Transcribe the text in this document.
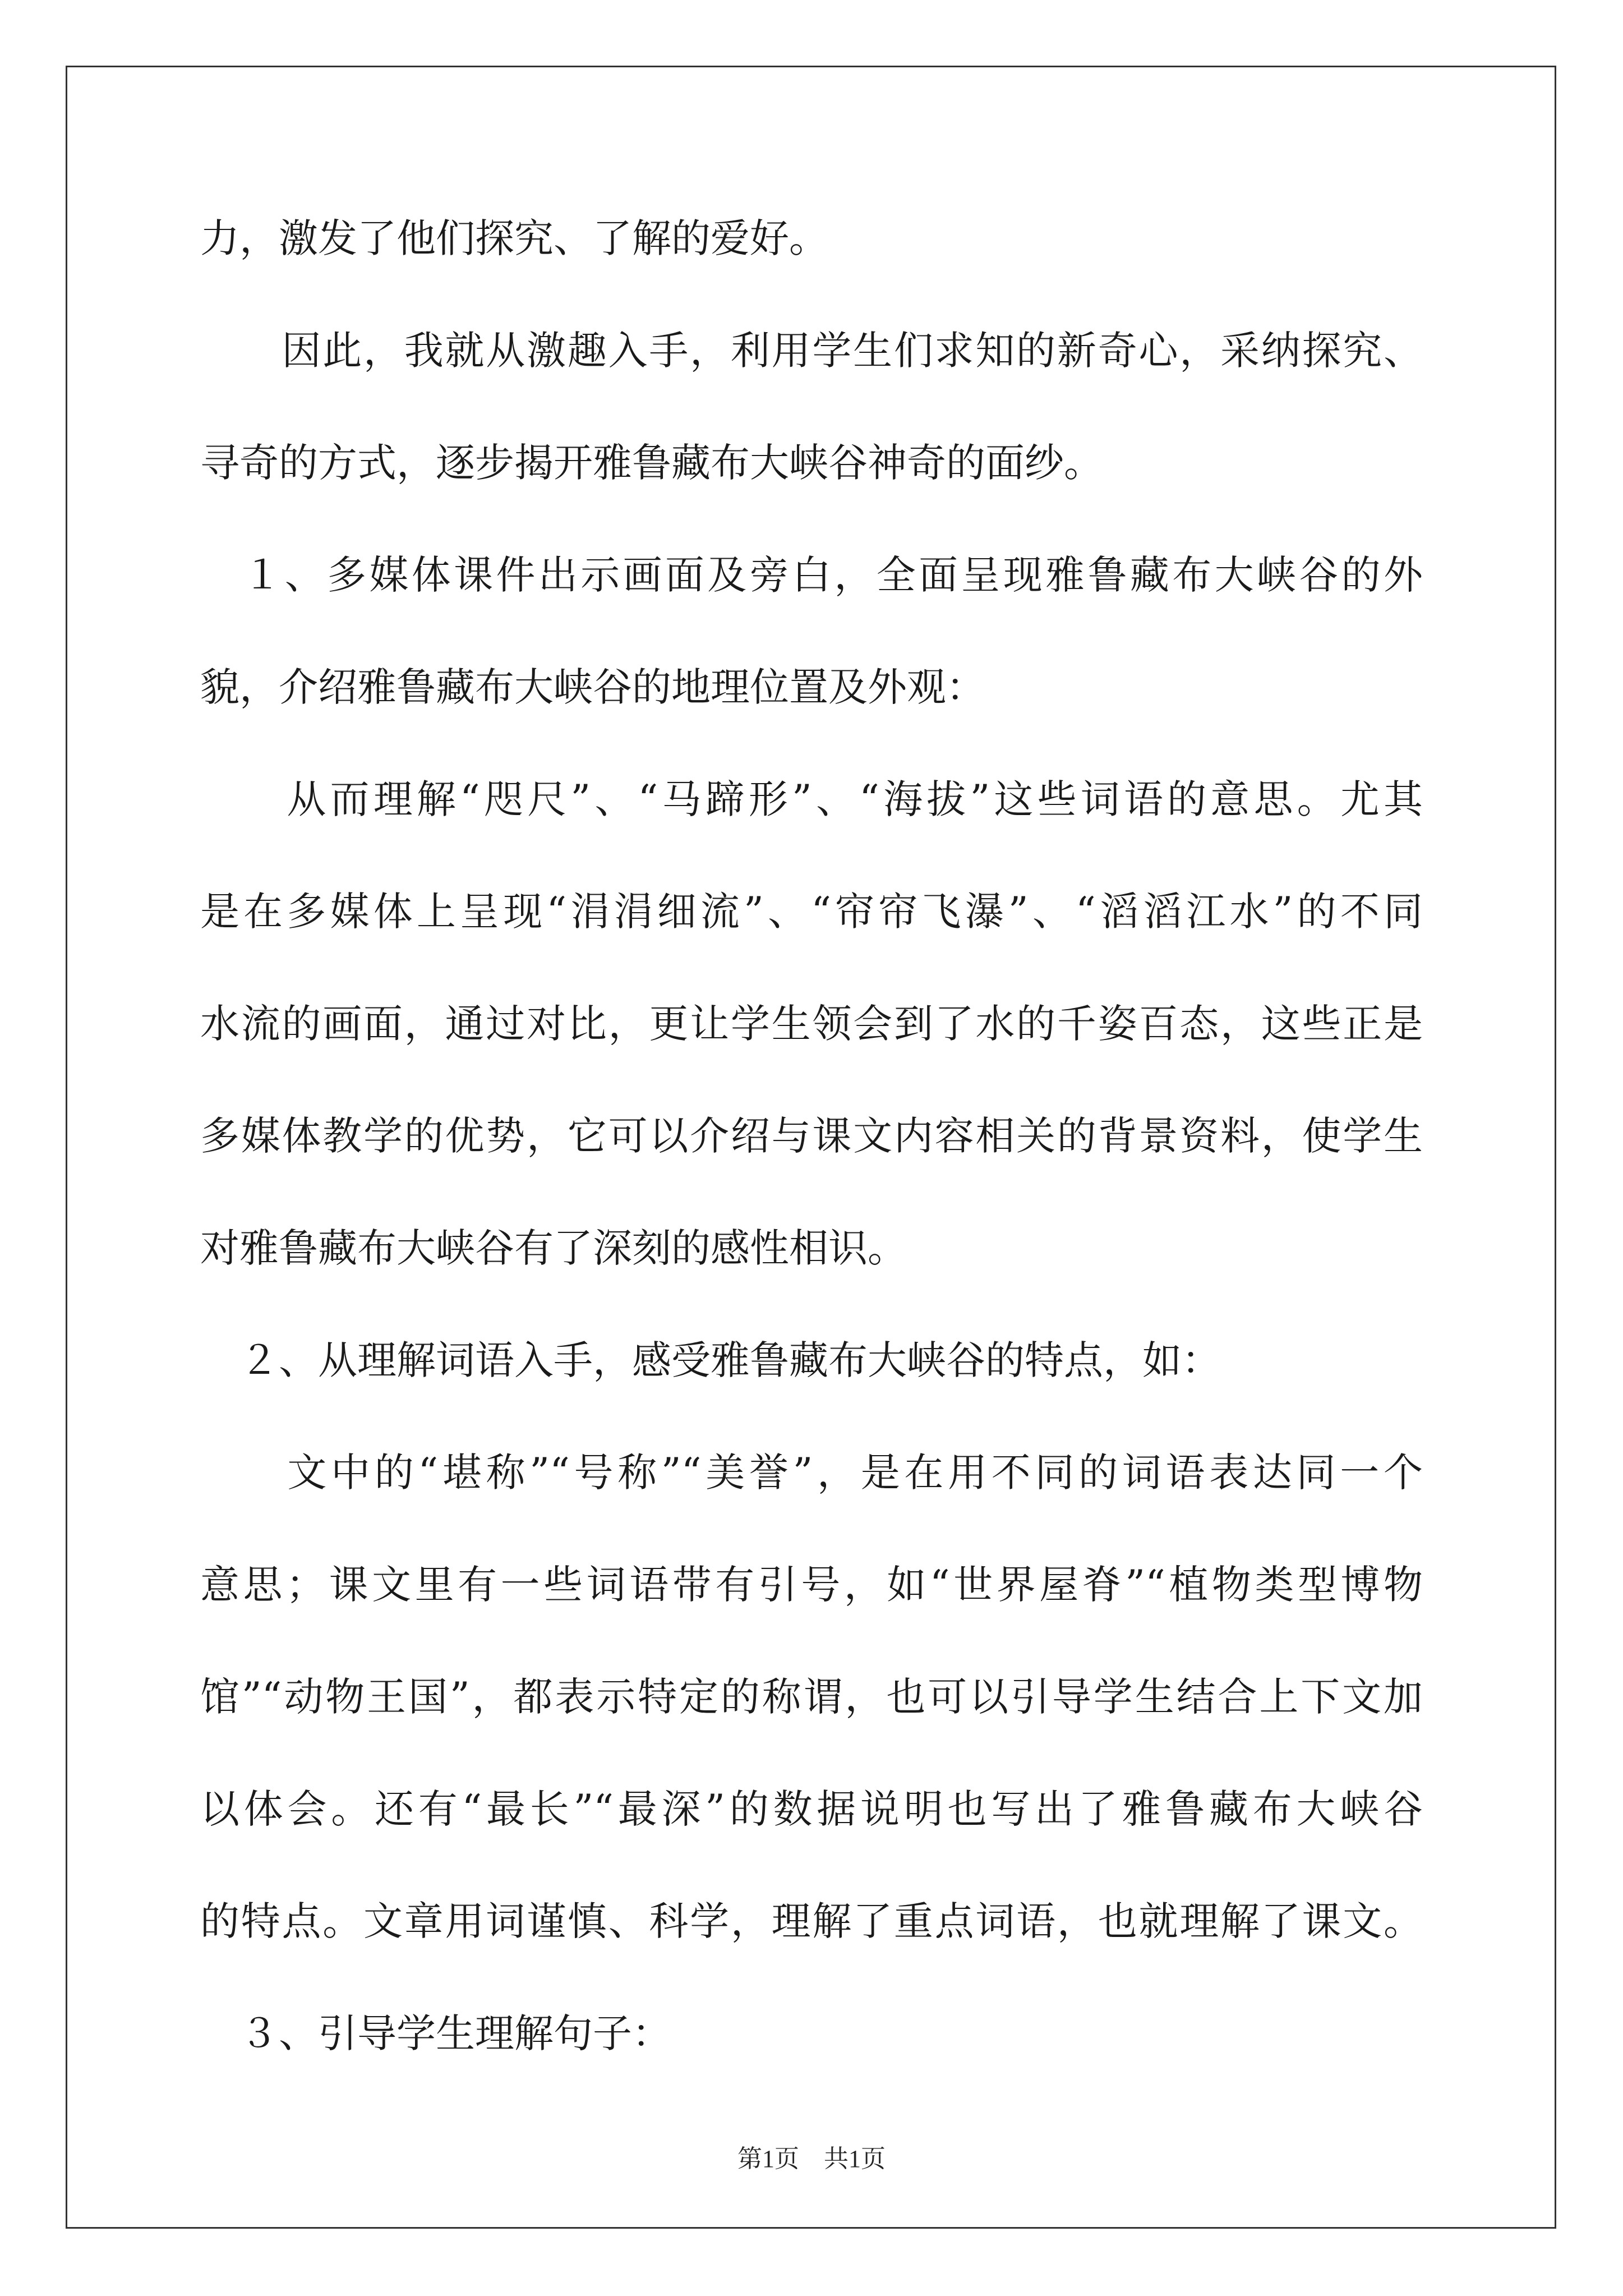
力，激发了他们探究、了解的爱好。
　　因此，我就从激趣入手，利用学生们求知的新奇心，采纳探究、
寻奇的方式，逐步揭开雅鲁藏布大峡谷神奇的面纱。
　１、多媒体课件出示画面及旁白，全面呈现雅鲁藏布大峡谷的外
貌，介绍雅鲁藏布大峡谷的地理位置及外观：
　　从而理解“咫尺”、“马蹄形”、“海拔”这些词语的意思。尤其
是在多媒体上呈现“涓涓细流”、“帘帘飞瀑”、“滔滔江水”的不同
水流的画面，通过对比，更让学生领会到了水的千姿百态，这些正是
多媒体教学的优势，它可以介绍与课文内容相关的背景资料，使学生
对雅鲁藏布大峡谷有了深刻的感性相识。
　２、从理解词语入手，感受雅鲁藏布大峡谷的特点，如：
　　文中的“堪称”“号称”“美誉”，是在用不同的词语表达同一个
意思；课文里有一些词语带有引号，如“世界屋脊”“植物类型博物
馆”“动物王国”，都表示特定的称谓，也可以引导学生结合上下文加
以体会。还有“最长”“最深”的数据说明也写出了雅鲁藏布大峡谷
的特点。文章用词谨慎、科学，理解了重点词语，也就理解了课文。
　３、引导学生理解句子：
第1页　共1页
